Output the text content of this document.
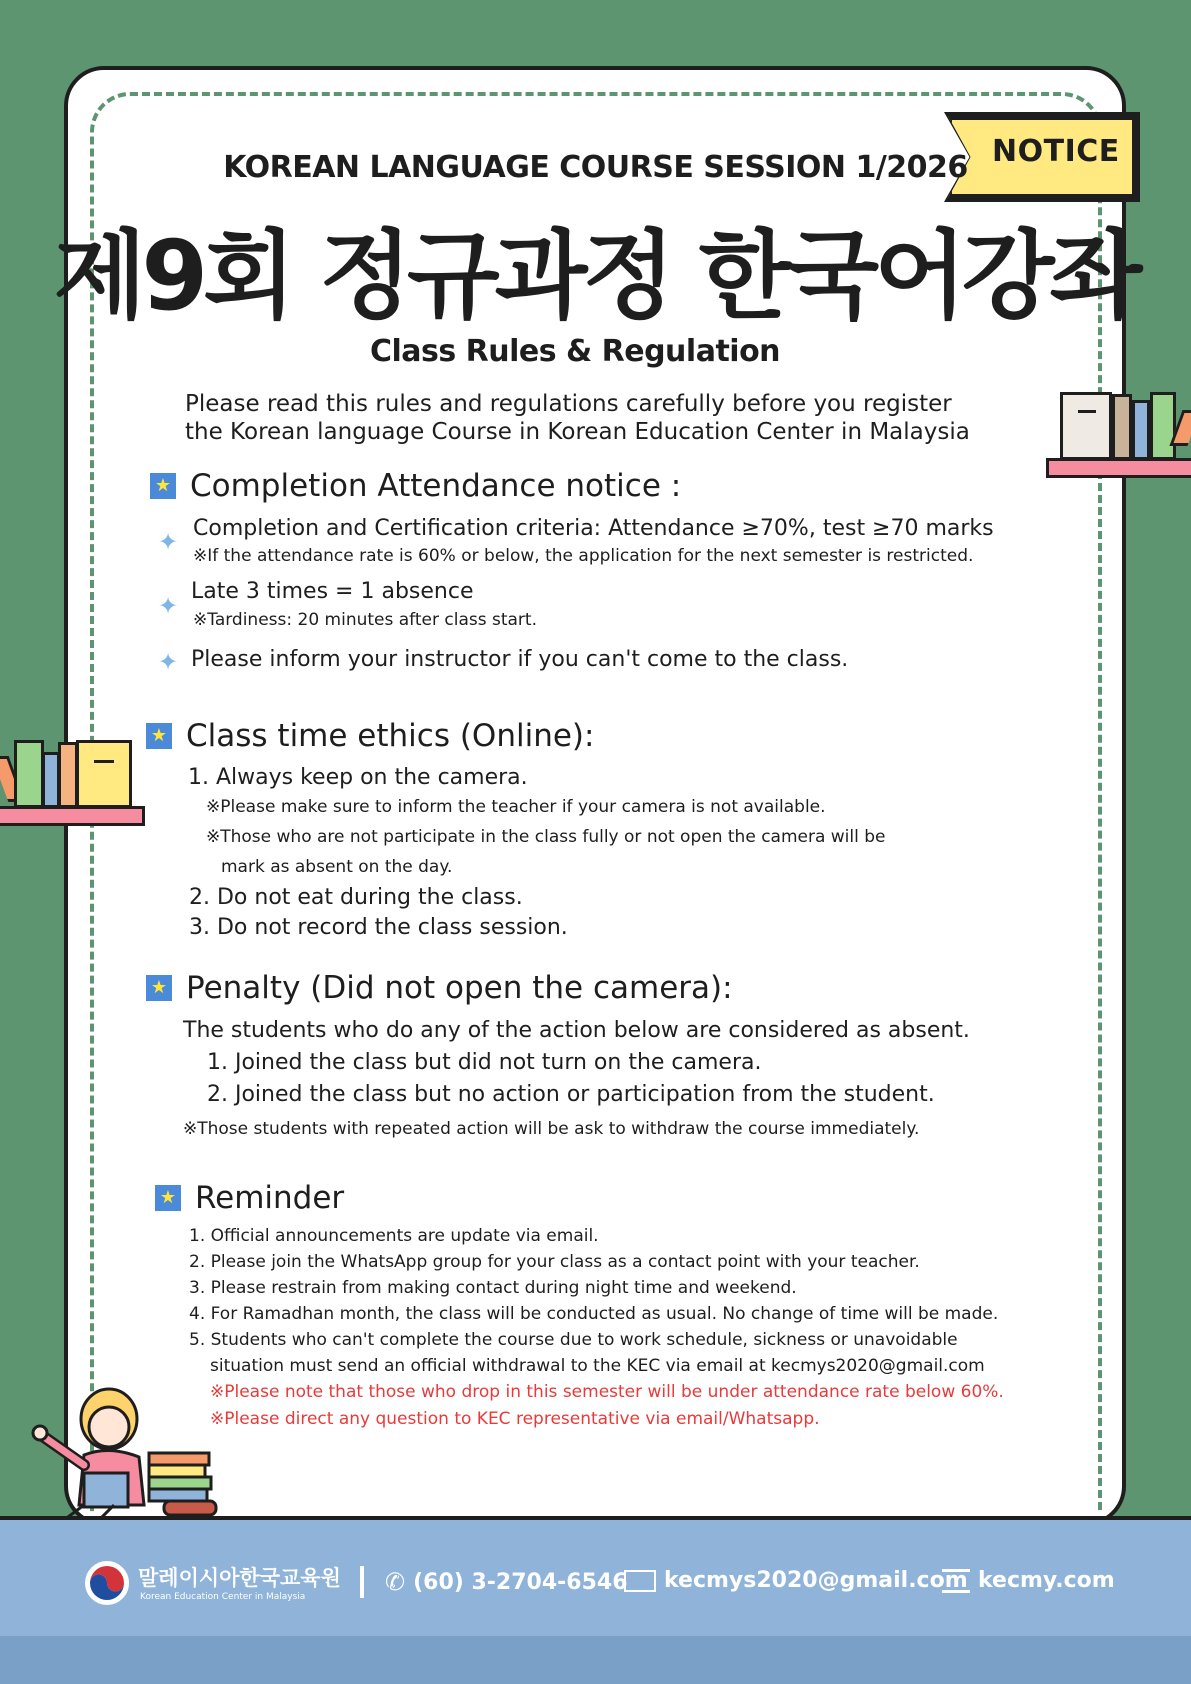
NOTICE
KOREAN LANGUAGE COURSE SESSION 1/2026
제9회 정규과정 한국어강좌
Class Rules & Regulation
Please read this rules and regulations carefully before you register
the Korean language Course in Korean Education Center in Malaysia
★ Completion Attendance notice :
✦ Completion and Certification criteria: Attendance ≥70%, test ≥70 marks
※If the attendance rate is 60% or below, the application for the next semester is restricted.
✦
Late 3 times = 1 absence
※Tardiness: 20 minutes after class start.
✦ Please inform your instructor if you can't come to the class.
★ Class time ethics (Online):
1. Always keep on the camera.
※Please make sure to inform the teacher if your camera is not available.
※Those who are not participate in the class fully or not open the camera will be
mark as absent on the day.
2. Do not eat during the class.
3. Do not record the class session.
★ Penalty (Did not open the camera):
The students who do any of the action below are considered as absent.
1. Joined the class but did not turn on the camera.
2. Joined the class but no action or participation from the student.
※Those students with repeated action will be ask to withdraw the course immediately.
★ Reminder
1. Official announcements are update via email.
2. Please join the WhatsApp group for your class as a contact point with your teacher.
3. Please restrain from making contact during night time and weekend.
4. For Ramadhan month, the class will be conducted as usual. No change of time will be made.
5. Students who can't complete the course due to work schedule, sickness or unavoidable
situation must send an official withdrawal to the KEC via email at kecmys2020@gmail.com
※Please note that those who drop in this semester will be under attendance rate below 60%.
※Please direct any question to KEC representative via email/Whatsapp.
말레이시아한국교육원
Korean Education Center in Malaysia
✆ (60) 3-2704-6546 kecmys2020@gmail.com kecmy.com
